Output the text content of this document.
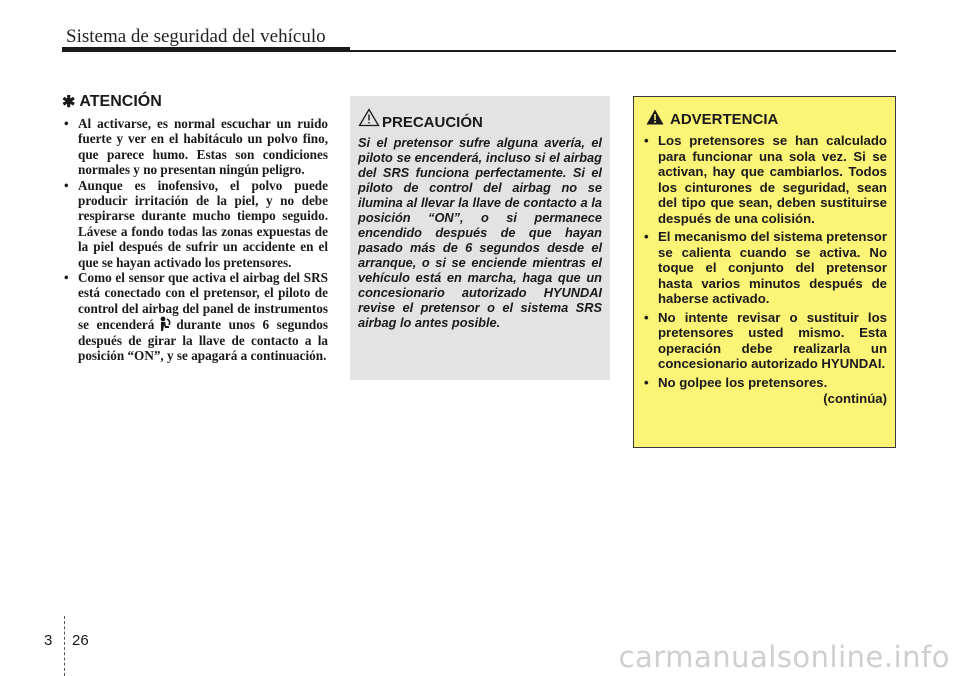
Sistema de seguridad del vehículo
✱ ATENCIÓN
• Al activarse, es normal escuchar un ruido fuerte y ver en el habitáculo un polvo fino, que parece humo. Estas son condiciones normales y no presentan ningún peligro.
• Aunque es inofensivo, el polvo puede producir irritación de la piel, y no debe respirarse durante mucho tiempo seguido. Lávese a fondo todas las zonas expuestas de la piel después de sufrir un accidente en el que se hayan activado los pretensores.
• Como el sensor que activa el airbag del SRS está conectado con el pretensor, el piloto de control del airbag del panel de instrumentos se encenderá durante unos 6 segundos después de girar la llave de contacto a la posición “ON”, y se apagará a continuación.
PRECAUCIÓN

Si el pretensor sufre alguna avería, el piloto se encenderá, incluso si el airbag del SRS funciona perfectamente. Si el piloto de control del airbag no se ilumina al llevar la llave de contacto a la posición “ON”, o si permanece encendido después de que hayan pasado más de 6 segundos desde el arranque, o si se enciende mientras el vehículo está en marcha, haga que un concesionario autorizado HYUNDAI revise el pretensor o el sistema SRS airbag lo antes posible.

ADVERTENCIA
• Los pretensores se han calculado para funcionar una sola vez. Si se activan, hay que cambiarlos. Todos los cinturones de seguridad, sean del tipo que sean, deben sustituirse después de una colisión.
• El mecanismo del sistema pretensor se calienta cuando se activa. No toque el conjunto del pretensor hasta varios minutos después de haberse activado.
• No intente revisar o sustituir los pretensores usted mismo. Esta operación debe realizarla un concesionario autorizado HYUNDAI.
• No golpee los pretensores.
(continúa)
3 26	carmanualsonline.info
